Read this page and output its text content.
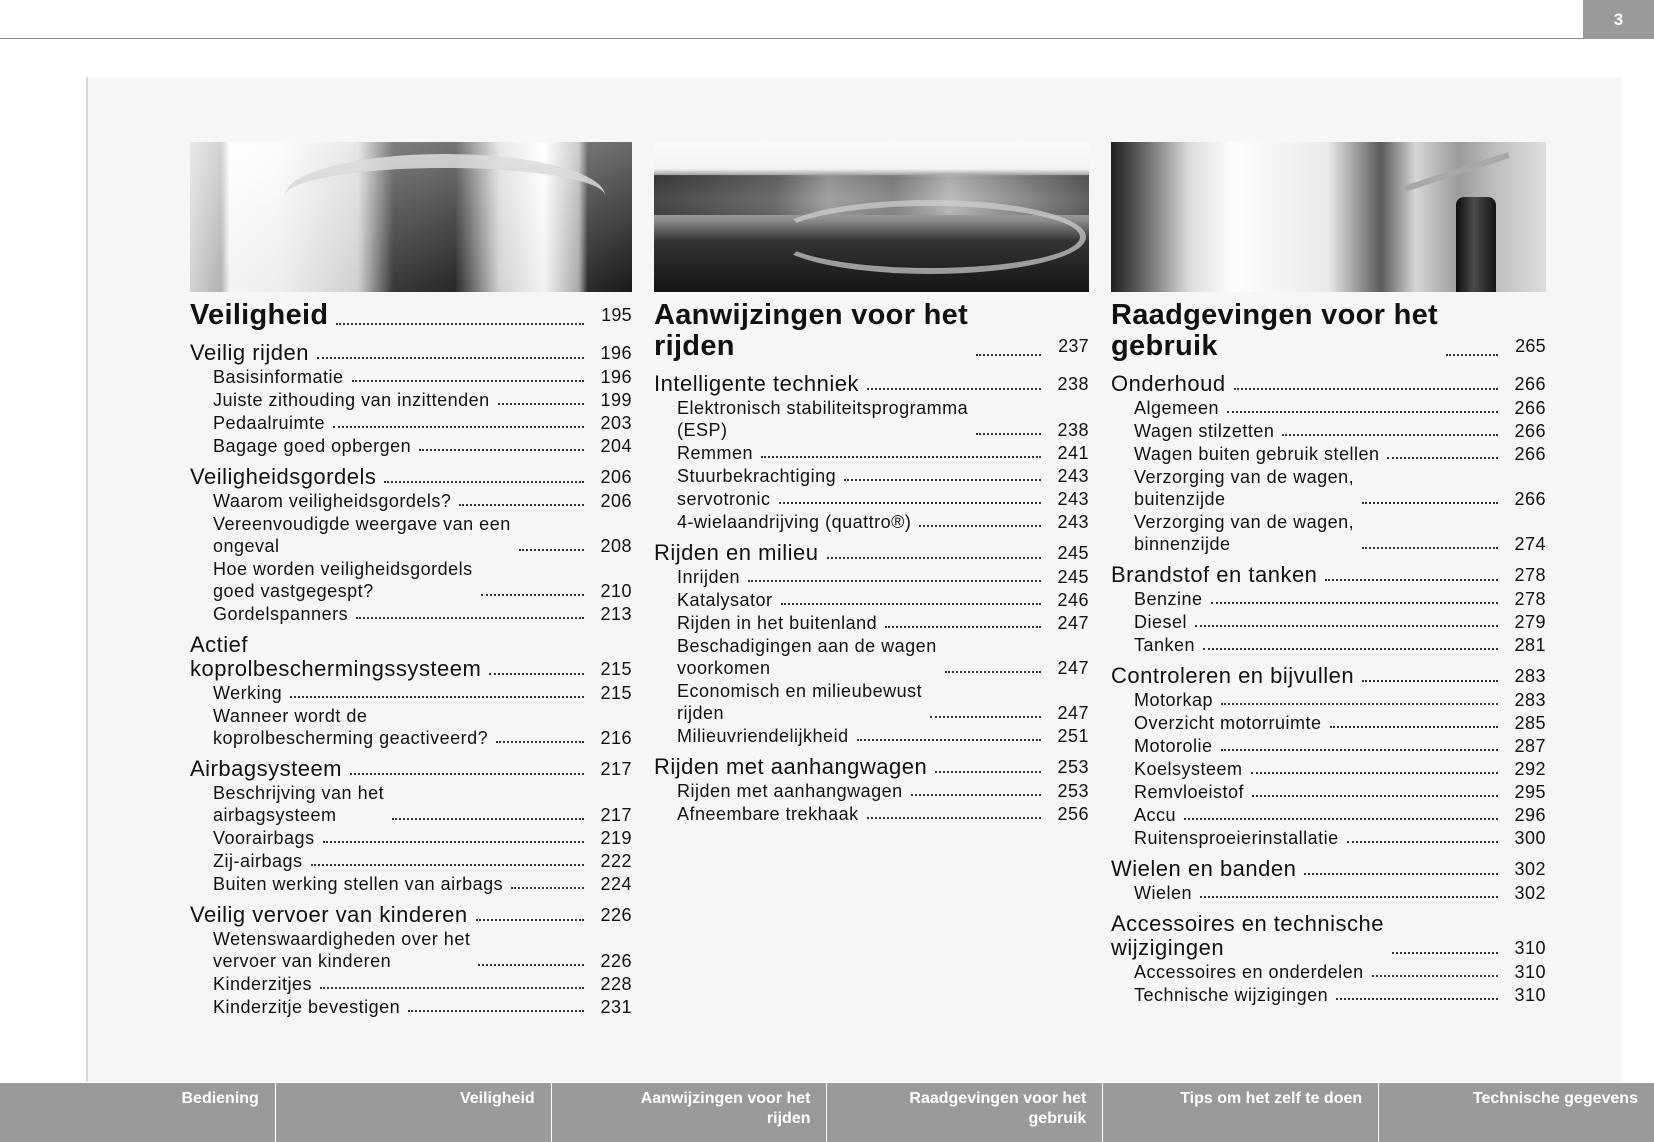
3
Veiligheid	195
Veilig rijden	196
Basisinformatie	196
Juiste zithouding van inzittenden	199
Pedaalruimte	203
Bagage goed opbergen	204
Veiligheidsgordels	206
Waarom veiligheidsgordels?	206
Vereenvoudigde weergave van een
ongeval	208
Hoe worden veiligheidsgordels
goed vastgegespt?	210
Gordelspanners	213
Actief
koprolbeschermingssysteem	215
Werking	215
Wanneer wordt de
koprolbescherming geactiveerd?	216
Airbagsysteem	217
Beschrijving van het
airbagsysteem	217
Voorairbags	219
Zij-airbags	222
Buiten werking stellen van airbags	224
Veilig vervoer van kinderen	226
Wetenswaardigheden over het
vervoer van kinderen	226
Kinderzitjes	228
Kinderzitje bevestigen	231
Aanwijzingen voor het
rijden	237
Intelligente techniek	238
Elektronisch stabiliteitsprogramma
(ESP)	238
Remmen	241
Stuurbekrachtiging	243
servotronic	243
4-wielaandrijving (quattro®)	243
Rijden en milieu	245
Inrijden	245
Katalysator	246
Rijden in het buitenland	247
Beschadigingen aan de wagen
voorkomen	247
Economisch en milieubewust
rijden	247
Milieuvriendelijkheid	251
Rijden met aanhangwagen	253
Rijden met aanhangwagen	253
Afneembare trekhaak	256
Raadgevingen voor het
gebruik	265
Onderhoud	266
Algemeen	266
Wagen stilzetten	266
Wagen buiten gebruik stellen	266
Verzorging van de wagen,
buitenzijde	266
Verzorging van de wagen,
binnenzijde	274
Brandstof en tanken	278
Benzine	278
Diesel	279
Tanken	281
Controleren en bijvullen	283
Motorkap	283
Overzicht motorruimte	285
Motorolie	287
Koelsysteem	292
Remvloeistof	295
Accu	296
Ruitensproeierinstallatie	300
Wielen en banden	302
Wielen	302
Accessoires en technische
wijzigingen	310
Accessoires en onderdelen	310
Technische wijzigingen	310
Bediening	Veiligheid	Aanwijzingen voor het
rijden
Raadgevingen voor het
gebruik
Tips om het zelf te doen	Technische gegevens
